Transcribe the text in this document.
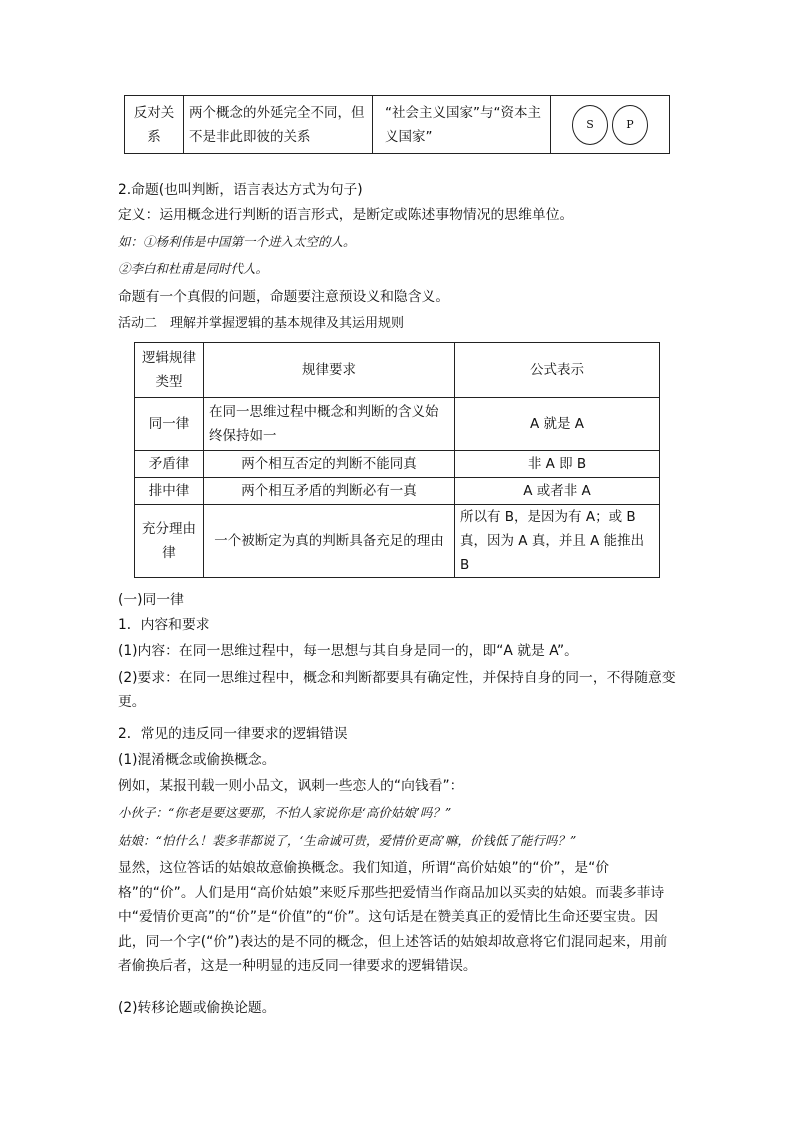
反对关系	两个概念的外延完全不同，但不是非此即彼的关系	“社会主义国家”与“资本主义国家”	S	P
2.命题(也叫判断，语言表达方式为句子)
定义：运用概念进行判断的语言形式，是断定或陈述事物情况的思维单位。
如：①杨利伟是中国第一个进入太空的人。
②李白和杜甫是同时代人。
命题有一个真假的问题，命题要注意预设义和隐含义。
活动二　理解并掌握逻辑的基本规律及其运用规则
逻辑规律类型	规律要求	公式表示
同一律	在同一思维过程中概念和判断的含义始终保持如一	A 就是 A
矛盾律	两个相互否定的判断不能同真	非 A 即 B
排中律	两个相互矛盾的判断必有一真	A 或者非 A
充分理由律	一个被断定为真的判断具备充足的理由	所以有 B，是因为有 A；或 B 真，因为 A 真，并且 A 能推出 B
(一)同一律
1．内容和要求
(1)内容：在同一思维过程中，每一思想与其自身是同一的，即“A 就是 A”。
(2)要求：在同一思维过程中，概念和判断都要具有确定性，并保持自身的同一，不得随意变更。
2．常见的违反同一律要求的逻辑错误
(1)混淆概念或偷换概念。
例如，某报刊载一则小品文，讽刺一些恋人的“向钱看”：
小伙子：“你老是要这要那，不怕人家说你是‘高价姑娘’吗？”
姑娘：“怕什么！裴多菲都说了，‘生命诚可贵，爱情价更高’嘛，价钱低了能行吗？”
显然，这位答话的姑娘故意偷换概念。我们知道，所谓“高价姑娘”的“价”，是“价格”的“价”。人们是用“高价姑娘”来贬斥那些把爱情当作商品加以买卖的姑娘。而裴多菲诗中“爱情价更高”的“价”是“价值”的“价”。这句话是在赞美真正的爱情比生命还要宝贵。因此，同一个字(“价”)表达的是不同的概念，但上述答话的姑娘却故意将它们混同起来，用前者偷换后者，这是一种明显的违反同一律要求的逻辑错误。
(2)转移论题或偷换论题。
